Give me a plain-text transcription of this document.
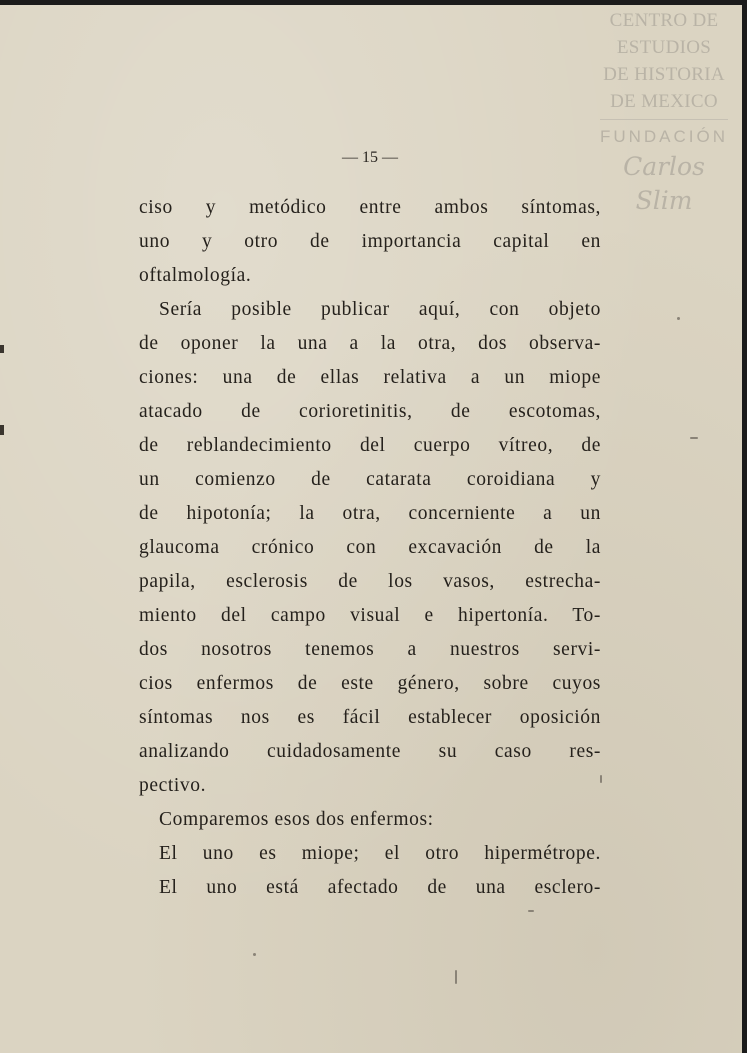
CENTRO DE
ESTUDIOS
DE HISTORIA
DE MEXICO
FUNDACIÓN
Carlos Slim
— 15 —
ciso y metódico entre ambos síntomas,
uno y otro de importancia capital en
oftalmología.
Sería posible publicar aquí, con objeto
de oponer la una a la otra, dos observa-
ciones: una de ellas relativa a un miope
atacado de corioretinitis, de escotomas,
de reblandecimiento del cuerpo vítreo, de
un comienzo de catarata coroidiana y
de hipotonía; la otra, concerniente a un
glaucoma crónico con excavación de la
papila, esclerosis de los vasos, estrecha-
miento del campo visual e hipertonía. To-
dos nosotros tenemos a nuestros servi-
cios enfermos de este género, sobre cuyos
síntomas nos es fácil establecer oposición
analizando cuidadosamente su caso res-
pectivo.
Comparemos esos dos enfermos:
El uno es miope; el otro hipermétrope.
El uno está afectado de una esclero-
